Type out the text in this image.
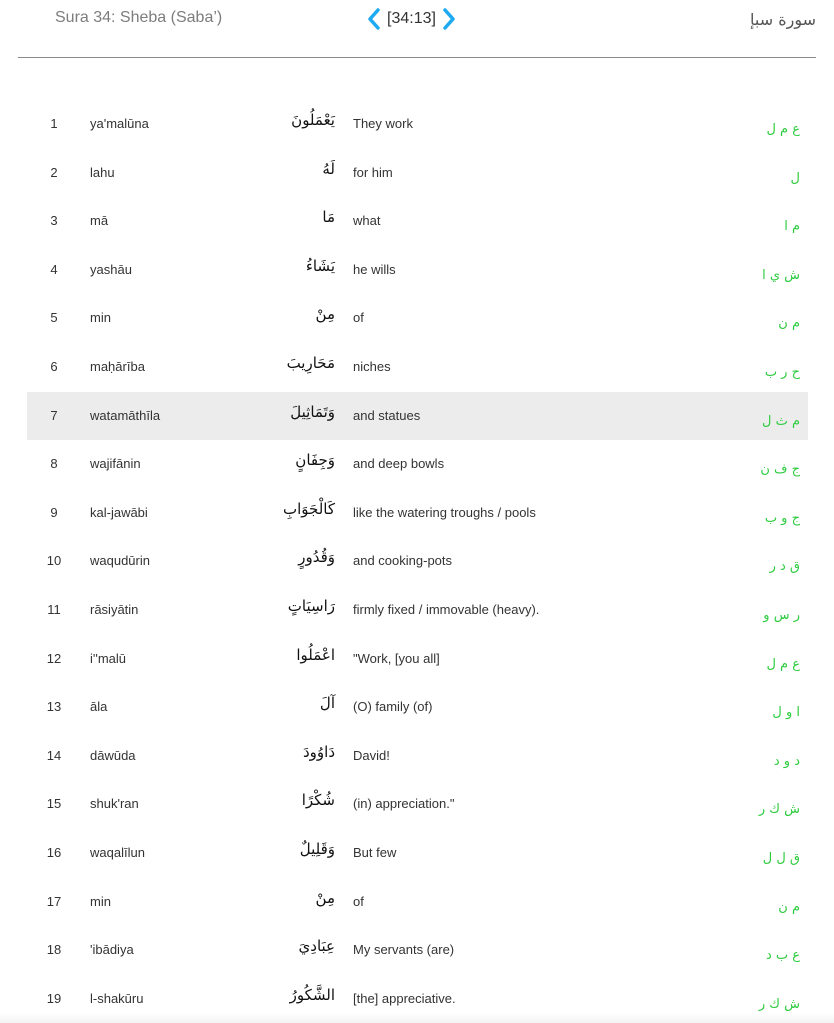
Sura 34: Sheba (Saba’)	[34:13]	سورة سبإ
1	ya'malūna	يَعْمَلُونَ They work	ع م ل
2	lahu	لَهُ for him	ل
3	mā	مَا what	م ا
4	yashāu	يَشَاءُ he wills	ش ي ا
5	min	مِنْ of	م ن
6	maḥārība	مَحَارِيبَ niches	ح ر ب
7	watamāthīla	وَتَمَاثِيلَ and statues	م ث ل
8	wajifānin	وَجِفَانٍ and deep bowls	ج ف ن
9	kal-jawābi	كَالْجَوَابِ like the watering troughs / pools	ج و ب
10	waqudūrin	وَقُدُورٍ and cooking-pots	ق د ر
11	rāsiyātin	رَاسِيَاتٍ firmly fixed / immovable (heavy).	ر س و
12	i''malū	اعْمَلُوا "Work, [you all]	ع م ل
13	āla	آلَ (O) family (of)	ا و ل
14	dāwūda	دَاوُودَ David!	د و د
15	shuk'ran	شُكْرًا (in) appreciation."	ش ك ر
16	waqalīlun	وَقَلِيلٌ But few	ق ل ل
17	min	مِنْ of	م ن
18	'ibādiya	عِبَادِيَ My servants (are)	ع ب د
19	l-shakūru	الشَّكُورُ [the] appreciative.	ش ك ر
